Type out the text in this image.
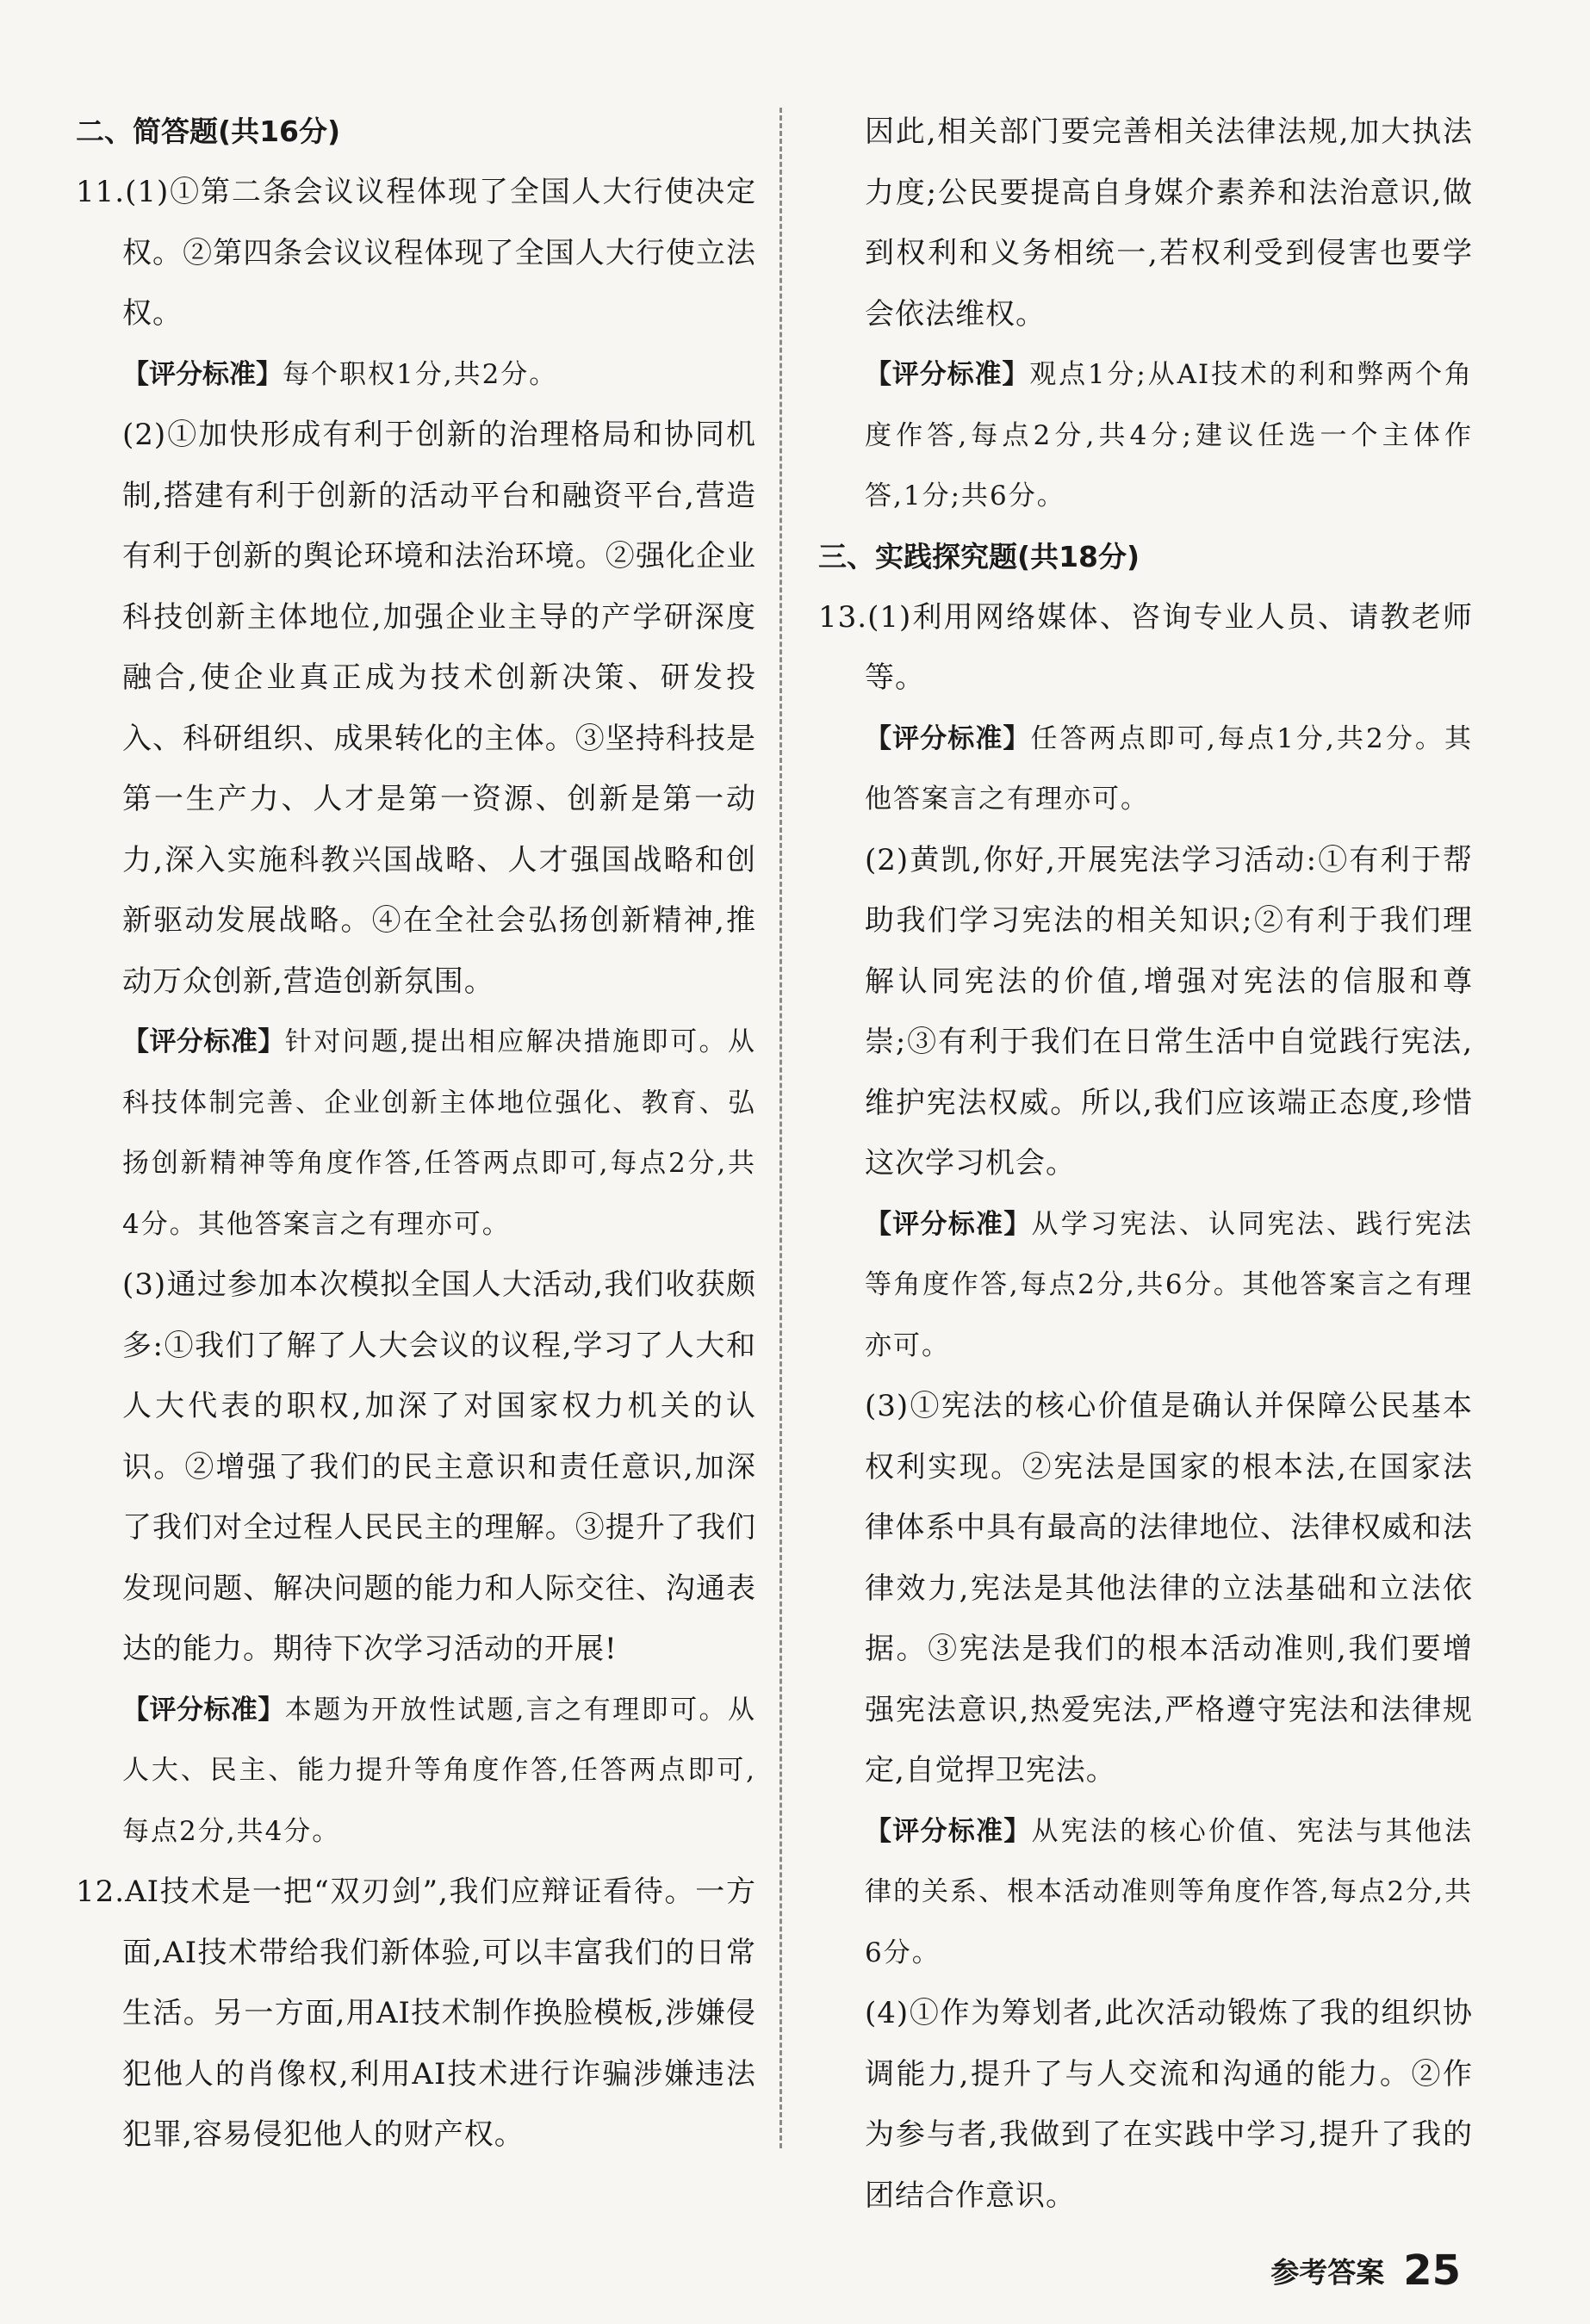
二、简答题(共16分)

11.(1)①第二条会议议程体现了全国人大行使决定权。②第四条会议议程体现了全国人大行使立法权。

【评分标准】每个职权1分,共2分。

(2)①加快形成有利于创新的治理格局和协同机制,搭建有利于创新的活动平台和融资平台,营造有利于创新的舆论环境和法治环境。②强化企业科技创新主体地位,加强企业主导的产学研深度融合,使企业真正成为技术创新决策、研发投入、科研组织、成果转化的主体。③坚持科技是第一生产力、人才是第一资源、创新是第一动力,深入实施科教兴国战略、人才强国战略和创新驱动发展战略。④在全社会弘扬创新精神,推动万众创新,营造创新氛围。

【评分标准】针对问题,提出相应解决措施即可。从科技体制完善、企业创新主体地位强化、教育、弘扬创新精神等角度作答,任答两点即可,每点2分,共4分。其他答案言之有理亦可。

(3)通过参加本次模拟全国人大活动,我们收获颇多:①我们了解了人大会议的议程,学习了人大和人大代表的职权,加深了对国家权力机关的认识。②增强了我们的民主意识和责任意识,加深了我们对全过程人民民主的理解。③提升了我们发现问题、解决问题的能力和人际交往、沟通表达的能力。期待下次学习活动的开展!

【评分标准】本题为开放性试题,言之有理即可。从人大、民主、能力提升等角度作答,任答两点即可,每点2分,共4分。

12.AI技术是一把“双刃剑”,我们应辩证看待。一方面,AI技术带给我们新体验,可以丰富我们的日常生活。另一方面,用AI技术制作换脸模板,涉嫌侵犯他人的肖像权,利用AI技术进行诈骗涉嫌违法犯罪,容易侵犯他人的财产权。

因此,相关部门要完善相关法律法规,加大执法力度;公民要提高自身媒介素养和法治意识,做到权利和义务相统一,若权利受到侵害也要学会依法维权。

【评分标准】观点1分;从AI技术的利和弊两个角度作答,每点2分,共4分;建议任选一个主体作答,1分;共6分。

三、实践探究题(共18分)

13.(1)利用网络媒体、咨询专业人员、请教老师等。

【评分标准】任答两点即可,每点1分,共2分。其他答案言之有理亦可。

(2)黄凯,你好,开展宪法学习活动:①有利于帮助我们学习宪法的相关知识;②有利于我们理解认同宪法的价值,增强对宪法的信服和尊崇;③有利于我们在日常生活中自觉践行宪法,维护宪法权威。所以,我们应该端正态度,珍惜这次学习机会。

【评分标准】从学习宪法、认同宪法、践行宪法等角度作答,每点2分,共6分。其他答案言之有理亦可。

(3)①宪法的核心价值是确认并保障公民基本权利实现。②宪法是国家的根本法,在国家法律体系中具有最高的法律地位、法律权威和法律效力,宪法是其他法律的立法基础和立法依据。③宪法是我们的根本活动准则,我们要增强宪法意识,热爱宪法,严格遵守宪法和法律规定,自觉捍卫宪法。

【评分标准】从宪法的核心价值、宪法与其他法律的关系、根本活动准则等角度作答,每点2分,共6分。

(4)①作为筹划者,此次活动锻炼了我的组织协调能力,提升了与人交流和沟通的能力。②作为参与者,我做到了在实践中学习,提升了我的团结合作意识。

参考答案 25
